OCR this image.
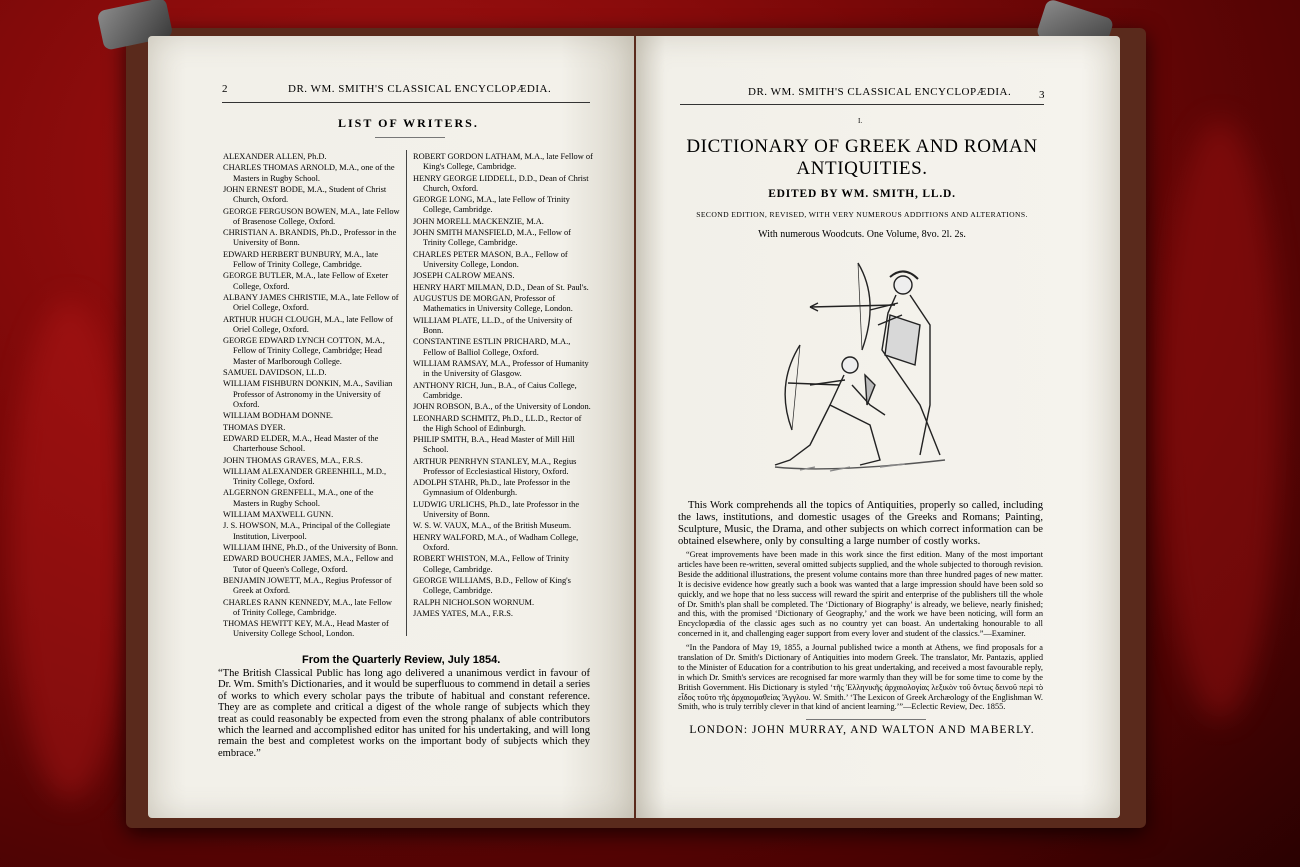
2	DR. WM. SMITH'S CLASSICAL ENCYCLOPÆDIA.
LIST OF WRITERS.
ALEXANDER ALLEN, Ph.D.
CHARLES THOMAS ARNOLD, M.A., one of the Masters in Rugby School.
JOHN ERNEST BODE, M.A., Student of Christ Church, Oxford.
GEORGE FERGUSON BOWEN, M.A., late Fellow of Brasenose College, Oxford.
CHRISTIAN A. BRANDIS, Ph.D., Professor in the University of Bonn.
EDWARD HERBERT BUNBURY, M.A., late Fellow of Trinity College, Cambridge.
GEORGE BUTLER, M.A., late Fellow of Exeter College, Oxford.
ALBANY JAMES CHRISTIE, M.A., late Fellow of Oriel College, Oxford.
ARTHUR HUGH CLOUGH, M.A., late Fellow of Oriel College, Oxford.
GEORGE EDWARD LYNCH COTTON, M.A., Fellow of Trinity College, Cambridge; Head Master of Marlborough College.
SAMUEL DAVIDSON, LL.D.
WILLIAM FISHBURN DONKIN, M.A., Savilian Professor of Astronomy in the University of Oxford.
WILLIAM BODHAM DONNE.
THOMAS DYER.
EDWARD ELDER, M.A., Head Master of the Charterhouse School.
JOHN THOMAS GRAVES, M.A., F.R.S.
WILLIAM ALEXANDER GREENHILL, M.D., Trinity College, Oxford.
ALGERNON GRENFELL, M.A., one of the Masters in Rugby School.
WILLIAM MAXWELL GUNN.
J. S. HOWSON, M.A., Principal of the Collegiate Institution, Liverpool.
WILLIAM IHNE, Ph.D., of the University of Bonn.
EDWARD BOUCHER JAMES, M.A., Fellow and Tutor of Queen's College, Oxford.
BENJAMIN JOWETT, M.A., Regius Professor of Greek at Oxford.
CHARLES RANN KENNEDY, M.A., late Fellow of Trinity College, Cambridge.
THOMAS HEWITT KEY, M.A., Head Master of University College School, London.
ROBERT GORDON LATHAM, M.A., late Fellow of King's College, Cambridge.
HENRY GEORGE LIDDELL, D.D., Dean of Christ Church, Oxford.
GEORGE LONG, M.A., late Fellow of Trinity College, Cambridge.
JOHN MORELL MACKENZIE, M.A.
JOHN SMITH MANSFIELD, M.A., Fellow of Trinity College, Cambridge.
CHARLES PETER MASON, B.A., Fellow of University College, London.
JOSEPH CALROW MEANS.
HENRY HART MILMAN, D.D., Dean of St. Paul's.
AUGUSTUS DE MORGAN, Professor of Mathematics in University College, London.
WILLIAM PLATE, LL.D., of the University of Bonn.
CONSTANTINE ESTLIN PRICHARD, M.A., Fellow of Balliol College, Oxford.
WILLIAM RAMSAY, M.A., Professor of Humanity in the University of Glasgow.
ANTHONY RICH, Jun., B.A., of Caius College, Cambridge.
JOHN ROBSON, B.A., of the University of London.
LEONHARD SCHMITZ, Ph.D., LL.D., Rector of the High School of Edinburgh.
PHILIP SMITH, B.A., Head Master of Mill Hill School.
ARTHUR PENRHYN STANLEY, M.A., Regius Professor of Ecclesiastical History, Oxford.
ADOLPH STAHR, Ph.D., late Professor in the Gymnasium of Oldenburgh.
LUDWIG URLICHS, Ph.D., late Professor in the University of Bonn.
W. S. W. VAUX, M.A., of the British Museum.
HENRY WALFORD, M.A., of Wadham College, Oxford.
ROBERT WHISTON, M.A., Fellow of Trinity College, Cambridge.
GEORGE WILLIAMS, B.D., Fellow of King's College, Cambridge.
RALPH NICHOLSON WORNUM.
JAMES YATES, M.A., F.R.S.
From the Quarterly Review, July 1854.
“The British Classical Public has long ago delivered a unanimous verdict in favour of Dr. Wm. Smith's Dictionaries, and it would be superfluous to commend in detail a series of works to which every scholar pays the tribute of habitual and constant reference. They are as complete and critical a digest of the whole range of subjects which they treat as could reasonably be expected from even the strong phalanx of able contributors which the learned and accomplished editor has united for his undertaking, and will long remain the best and completest works on the important body of subjects which they embrace.”
DR. WM. SMITH'S CLASSICAL ENCYCLOPÆDIA.	3
I.
DICTIONARY OF GREEK AND ROMAN ANTIQUITIES.
EDITED BY WM. SMITH, LL.D.
SECOND EDITION, REVISED, WITH VERY NUMEROUS ADDITIONS AND ALTERATIONS.
With numerous Woodcuts. One Volume, 8vo. 2l. 2s.
This Work comprehends all the topics of Antiquities, properly so called, including the laws, institutions, and domestic usages of the Greeks and Romans; Painting, Sculpture, Music, the Drama, and other subjects on which correct information can be obtained elsewhere, only by consulting a large number of costly works.
“Great improvements have been made in this work since the first edition. Many of the most important articles have been re-written, several omitted subjects supplied, and the whole subjected to thorough revision. Beside the additional illustrations, the present volume contains more than three hundred pages of new matter. It is decisive evidence how greatly such a book was wanted that a large impression should have been sold so quickly, and we hope that no less success will reward the spirit and enterprise of the publishers till the whole of Dr. Smith's plan shall be completed. The ‘Dictionary of Biography’ is already, we believe, nearly finished; and this, with the promised ‘Dictionary of Geography,’ and the work we have been noticing, will form an Encyclopædia of the classic ages such as no country yet can boast. An undertaking honourable to all concerned in it, and challenging eager support from every lover and student of the classics.”—Examiner.
“In the Pandora of May 19, 1855, a Journal published twice a month at Athens, we find proposals for a translation of Dr. Smith's Dictionary of Antiquities into modern Greek. The translator, Mr. Pantazis, applied to the Minister of Education for a contribution to his great undertaking, and received a most favourable reply, in which Dr. Smith's services are recognised far more warmly than they will be for some time to come by the British Government. His Dictionary is styled ‘τῆς Ἑλληνικῆς ἀρχαιολογίας λεξικὸν τοῦ ὄντως δεινοῦ περὶ τὸ εἶδος τοῦτο τῆς ἀρχαιομαθείας Ἄγγλου. W. Smith.’ ‘The Lexicon of Greek Archæology of the Englishman W. Smith, who is truly terribly clever in that kind of ancient learning.’”—Eclectic Review, Dec. 1855.
LONDON: JOHN MURRAY, AND WALTON AND MABERLY.
